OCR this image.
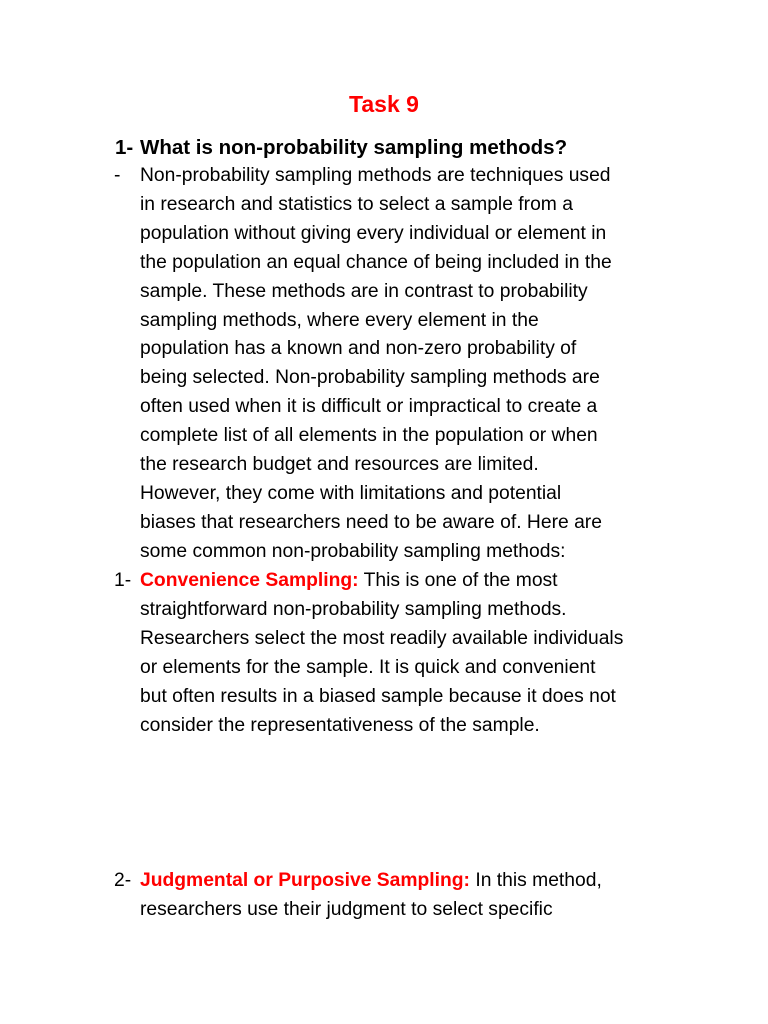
Task 9
1- What is non-probability sampling methods?
-	Non-probability sampling methods are techniques used
in research and statistics to select a sample from a
population without giving every individual or element in
the population an equal chance of being included in the
sample. These methods are in contrast to probability
sampling methods, where every element in the
population has a known and non-zero probability of
being selected. Non-probability sampling methods are
often used when it is difficult or impractical to create a
complete list of all elements in the population or when
the research budget and resources are limited.
However, they come with limitations and potential
biases that researchers need to be aware of. Here are
some common non-probability sampling methods:
1- Convenience Sampling: This is one of the most
straightforward non-probability sampling methods.
Researchers select the most readily available individuals
or elements for the sample. It is quick and convenient
but often results in a biased sample because it does not
consider the representativeness of the sample.
2- Judgmental or Purposive Sampling: In this method,
researchers use their judgment to select specific
